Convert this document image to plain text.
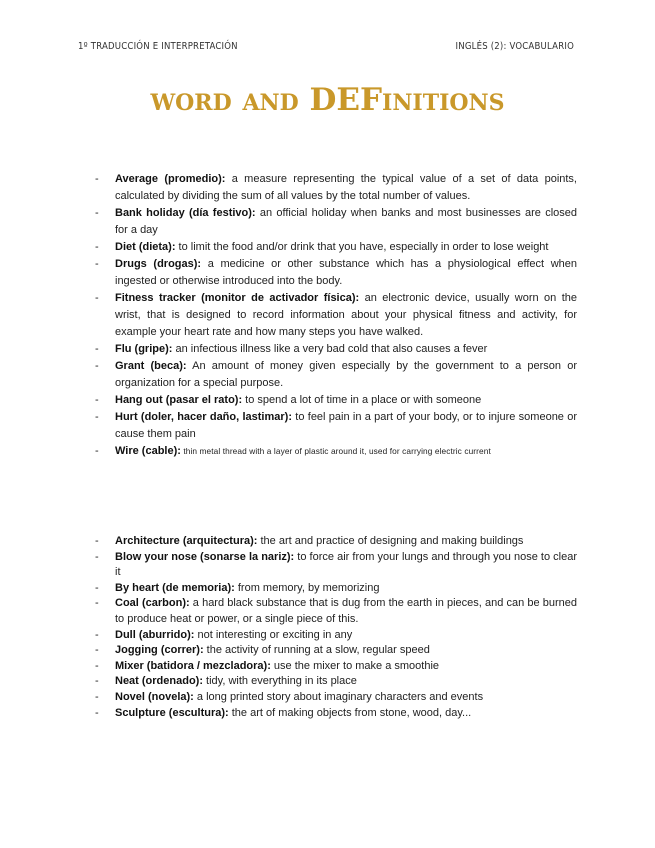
1º TRADUCCIÓN E INTERPRETACIÓN	INGLÉS (2): VOCABULARIO
word and DEFinitions
- Average (promedio): a measure representing the typical value of a set of data points, calculated by dividing the sum of all values by the total number of values.
- Bank holiday (día festivo): an official holiday when banks and most businesses are closed for a day
- Diet (dieta): to limit the food and/or drink that you have, especially in order to lose weight
- Drugs (drogas): a medicine or other substance which has a physiological effect when ingested or otherwise introduced into the body.
- Fitness tracker (monitor de activador física): an electronic device, usually worn on the wrist, that is designed to record information about your physical fitness and activity, for example your heart rate and how many steps you have walked.
- Flu (gripe): an infectious illness like a very bad cold that also causes a fever
- Grant (beca): An amount of money given especially by the government to a person or organization for a special purpose.
- Hang out (pasar el rato): to spend a lot of time in a place or with someone
- Hurt (doler, hacer daño, lastimar): to feel pain in a part of your body, or to injure someone or cause them pain
- Wire (cable): thin metal thread with a layer of plastic around it, used for carrying electric current
- Architecture (arquitectura): the art and practice of designing and making buildings
- Blow your nose (sonarse la nariz): to force air from your lungs and through you nose to clear it
- By heart (de memoria): from memory, by memorizing
- Coal (carbon): a hard black substance that is dug from the earth in pieces, and can be burned to produce heat or power, or a single piece of this.
- Dull (aburrido): not interesting or exciting in any
- Jogging (correr): the activity of running at a slow, regular speed
- Mixer (batidora / mezcladora): use the mixer to make a smoothie
- Neat (ordenado): tidy, with everything in its place
- Novel (novela): a long printed story about imaginary characters and events
- Sculpture (escultura): the art of making objects from stone, wood, day...
